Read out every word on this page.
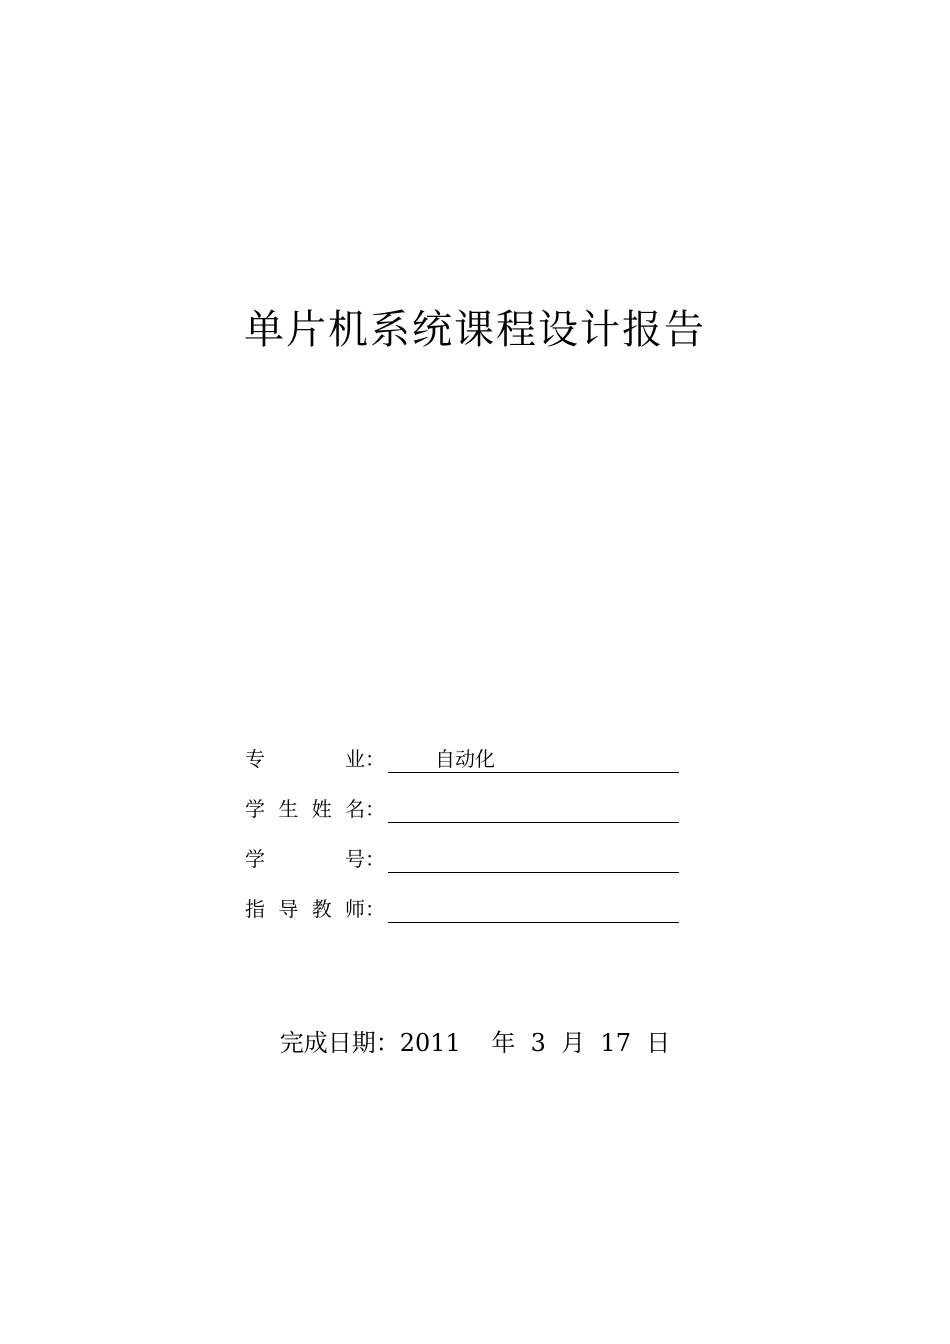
单片机系统课程设计报告
专	业：	自动化
学 生 姓 名：
学	号：
指 导 教 师：
完成日期：2011 年 3 月 17 日
